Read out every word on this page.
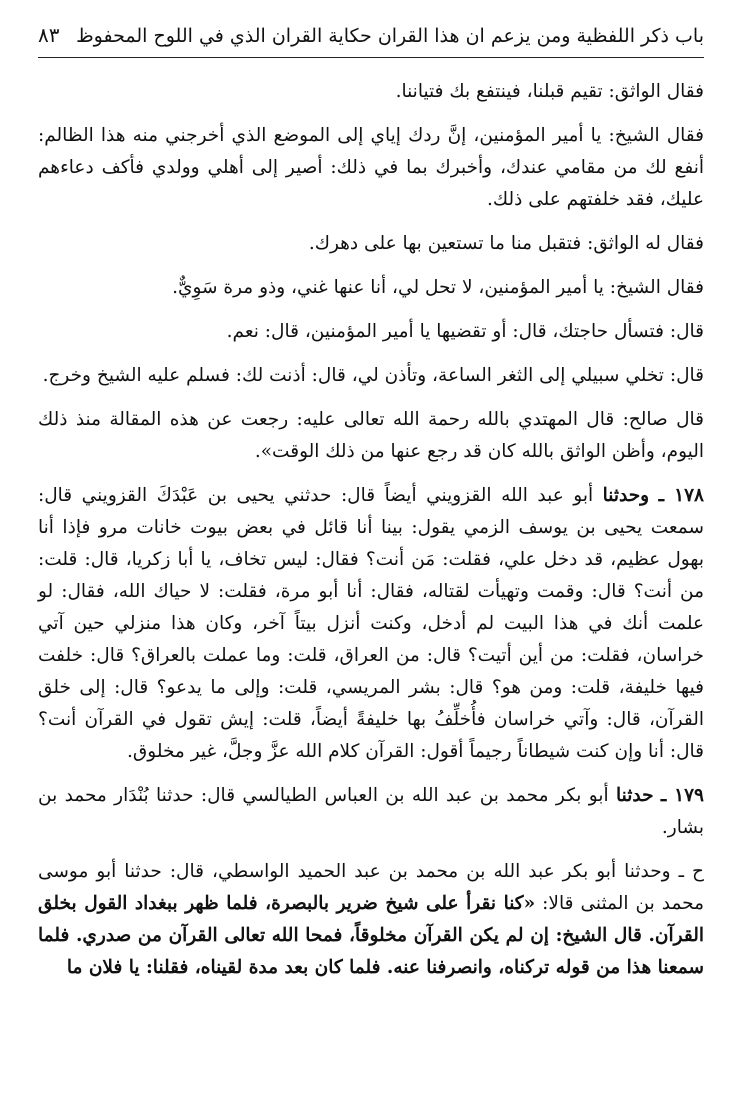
باب ذكر اللفظية ومن يزعم ان هذا القران حكاية القران الذي في اللوح المحفوظ
٨٣

فقال الواثق: تقيم قبلنا، فينتفع بك فتياننا.

فقال الشيخ: يا أمير المؤمنين، إنَّ ردك إياي إلى الموضع الذي أخرجني منه هذا الظالم: أنفع لك من مقامي عندك، وأخبرك بما في ذلك: أصير إلى أهلي وولدي فأكف دعاءهم عليك، فقد خلفتهم على ذلك.

فقال له الواثق: فتقبل منا ما تستعين بها على دهرك.

فقال الشيخ: يا أمير المؤمنين، لا تحل لي، أنا عنها غني، وذو مرة سَوِيٌّ.

قال: فتسأل حاجتك، قال: أو تقضيها يا أمير المؤمنين، قال: نعم.

قال: تخلي سبيلي إلى الثغر الساعة، وتأذن لي، قال: أذنت لك: فسلم عليه الشيخ وخرج.

قال صالح: قال المهتدي بالله رحمة الله تعالى عليه: رجعت عن هذه المقالة منذ ذلك اليوم، وأظن الواثق بالله كان قد رجع عنها من ذلك الوقت».

١٧٨ ـ وحدثنا أبو عبد الله القزويني أيضاً قال: حدثني يحيى بن عَبْدَكَ القزويني قال: سمعت يحيى بن يوسف الزمي يقول: بينا أنا قائل في بعض بيوت خانات مرو فإذا أنا بهول عظيم، قد دخل علي، فقلت: مَن أنت؟ فقال: ليس تخاف، يا أبا زكريا، قال: قلت: من أنت؟ قال: وقمت وتهيأت لقتاله، فقال: أنا أبو مرة، فقلت: لا حياك الله، فقال: لو علمت أنك في هذا البيت لم أدخل، وكنت أنزل بيتاً آخر، وكان هذا منزلي حين آتي خراسان، فقلت: من أين أتيت؟ قال: من العراق، قلت: وما عملت بالعراق؟ قال: خلفت فيها خليفة، قلت: ومن هو؟ قال: بشر المريسي، قلت: وإلى ما يدعو؟ قال: إلى خلق القرآن، قال: وآتي خراسان فأُخلِّفُ بها خليفةً أيضاً، قلت: إيش تقول في القرآن أنت؟ قال: أنا وإن كنت شيطاناً رجيماً أقول: القرآن كلام الله عزَّ وجلَّ، غير مخلوق.

١٧٩ ـ حدثنا أبو بكر محمد بن عبد الله بن العباس الطيالسي قال: حدثنا بُنْدَار محمد بن بشار.

ح ـ وحدثنا أبو بكر عبد الله بن محمد بن عبد الحميد الواسطي، قال: حدثنا أبو موسى محمد بن المثنى قالا: «كنا نقرأ على شيخ ضرير بالبصرة، فلما ظهر ببغداد القول بخلق القرآن. قال الشيخ: إن لم يكن القرآن مخلوقاً، فمحا الله تعالى القرآن من صدري. فلما سمعنا هذا من قوله تركناه، وانصرفنا عنه. فلما كان بعد مدة لقيناه، فقلنا: يا فلان ما
